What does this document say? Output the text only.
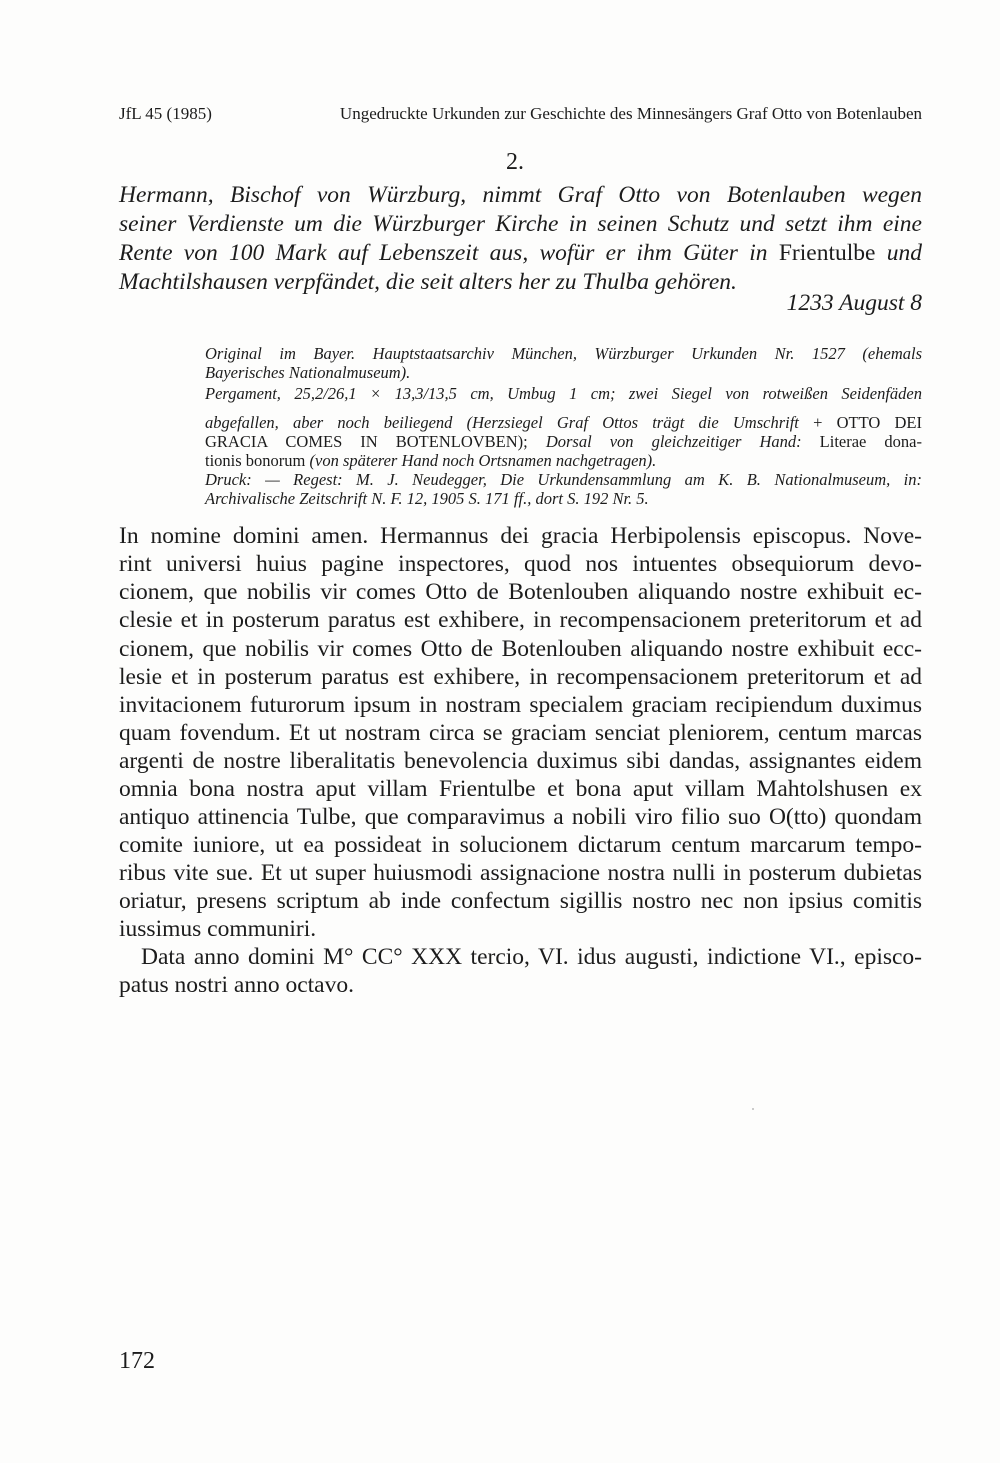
JfL 45 (1985)	Ungedruckte Urkunden zur Geschichte des Minnesängers Graf Otto von Botenlauben
2.
Hermann, Bischof von Würzburg, nimmt Graf Otto von Botenlauben wegen
seiner Verdienste um die Würzburger Kirche in seinen Schutz und setzt ihm eine
Rente von 100 Mark auf Lebenszeit aus, wofür er ihm Güter in Frientulbe und
Machtilshausen verpfändet, die seit alters her zu Thulba gehören.
1233 August 8
Original im Bayer. Hauptstaatsarchiv München, Würzburger Urkunden Nr. 1527 (ehemals
Bayerisches Nationalmuseum).
Pergament, 25,2/26,1 × 13,3/13,5 cm, Umbug 1 cm; zwei Siegel von rotweißen Seidenfäden
abgefallen, aber noch beiliegend (Herzsiegel Graf Ottos trägt die Umschrift + OTTO DEI
GRACIA COMES IN BOTENLOVBEN); Dorsal von gleichzeitiger Hand: Literae dona-
tionis bonorum (von späterer Hand noch Ortsnamen nachgetragen).
Druck: — Regest: M. J. Neudegger, Die Urkundensammlung am K. B. Nationalmuseum, in:
Archivalische Zeitschrift N. F. 12, 1905 S. 171 ff., dort S. 192 Nr. 5.
In nomine domini amen. Hermannus dei gracia Herbipolensis episcopus. Nove-
rint universi huius pagine inspectores, quod nos intuentes obsequiorum devo-
cionem, que nobilis vir comes Otto de Botenlouben aliquando nostre exhibuit ec-
clesie et in posterum paratus est exhibere, in recompensacionem preteritorum et ad
cionem, que nobilis vir comes Otto de Botenlouben aliquando nostre exhibuit ecc-
lesie et in posterum paratus est exhibere, in recompensacionem preteritorum et ad
invitacionem futurorum ipsum in nostram specialem graciam recipiendum duximus
quam fovendum. Et ut nostram circa se graciam senciat pleniorem, centum marcas
argenti de nostre liberalitatis benevolencia duximus sibi dandas, assignantes eidem
omnia bona nostra aput villam Frientulbe et bona aput villam Mahtolshusen ex
antiquo attinencia Tulbe, que comparavimus a nobili viro filio suo O(tto) quondam
comite iuniore, ut ea possideat in solucionem dictarum centum marcarum tempo-
ribus vite sue. Et ut super huiusmodi assignacione nostra nulli in posterum dubietas
oriatur, presens scriptum ab inde confectum sigillis nostro nec non ipsius comitis
iussimus communiri.
Data anno domini M° CC° XXX tercio, VI. idus augusti, indictione VI., episco-
patus nostri anno octavo.
172
